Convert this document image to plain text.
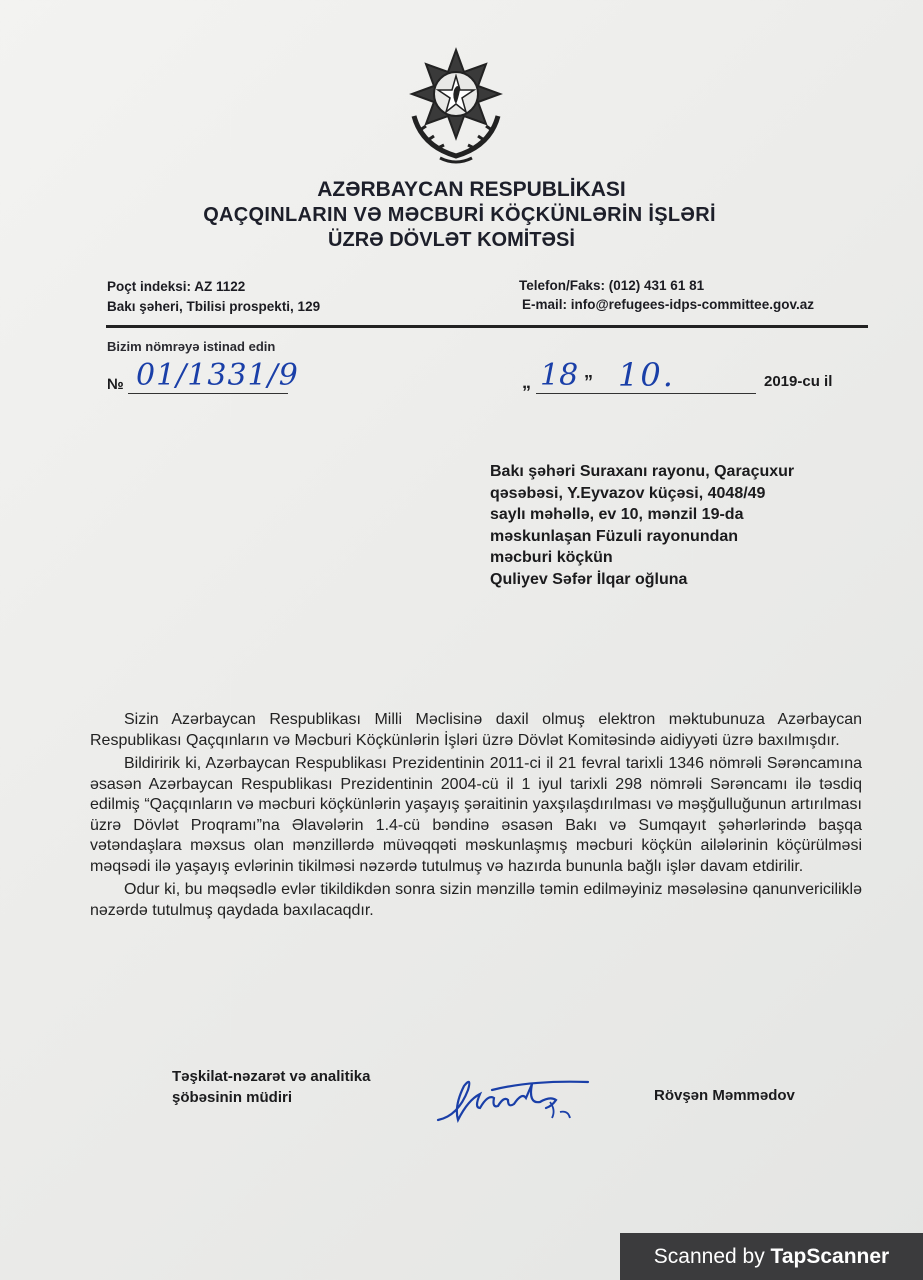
AZƏRBAYCAN RESPUBLİKASI
QAÇQINLARIN VƏ MƏCBURİ KÖÇKÜNLƏRİN İŞLƏRİ
ÜZRƏ DÖVLƏT KOMİTƏSİ
Poçt indeksi: AZ 1122
Bakı şəheri, Tbilisi prospekti, 129
Telefon/Faks: (012) 431 61 81
E-mail: info@refugees-idps-committee.gov.az
Bizim nömrəyə istinad edin
№ 01/1331/9	„ 18 ” 10.	2019-cu il
Bakı şəhəri Suraxanı rayonu, Qaraçuxur
qəsəbəsi, Y.Eyvazov küçəsi, 4048/49
saylı məhəllə, ev 10, mənzil 19-da
məskunlaşan Füzuli rayonundan
məcburi köçkün
Quliyev Səfər İlqar oğluna

Sizin Azərbaycan Respublikası Milli Məclisinə daxil olmuş elektron məktubunuza Azərbaycan Respublikası Qaçqınların və Məcburi Köçkünlərin İşləri üzrə Dövlət Komitəsində aidiyyəti üzrə baxılmışdır.

Bildiririk ki, Azərbaycan Respublikası Prezidentinin 2011-ci il 21 fevral tarixli 1346 nömrəli Sərəncamına əsasən Azərbaycan Respublikası Prezidentinin 2004-cü il 1 iyul tarixli 298 nömrəli Sərəncamı ilə təsdiq edilmiş “Qaçqınların və məcburi köçkünlərin yaşayış şəraitinin yaxşılaşdırılması və məşğulluğunun artırılması üzrə Dövlət Proqramı”na Əlavələrin 1.4-cü bəndinə əsasən Bakı və Sumqayıt şəhərlərində başqa vətəndaşlara məxsus olan mənzillərdə müvəqqəti məskunlaşmış məcburi köçkün ailələrinin köçürülməsi məqsədi ilə yaşayış evlərinin tikilməsi nəzərdə tutulmuş və hazırda bununla bağlı işlər davam etdirilir.

Odur ki, bu məqsədlə evlər tikildikdən sonra sizin mənzillə təmin edilməyiniz məsələsinə qanunvericiliklə nəzərdə tutulmuş qaydada baxılacaqdır.

Təşkilat-nəzarət və analitika
şöbəsinin müdiri	Rövşən Məmmədov
Scanned by TapScanner
